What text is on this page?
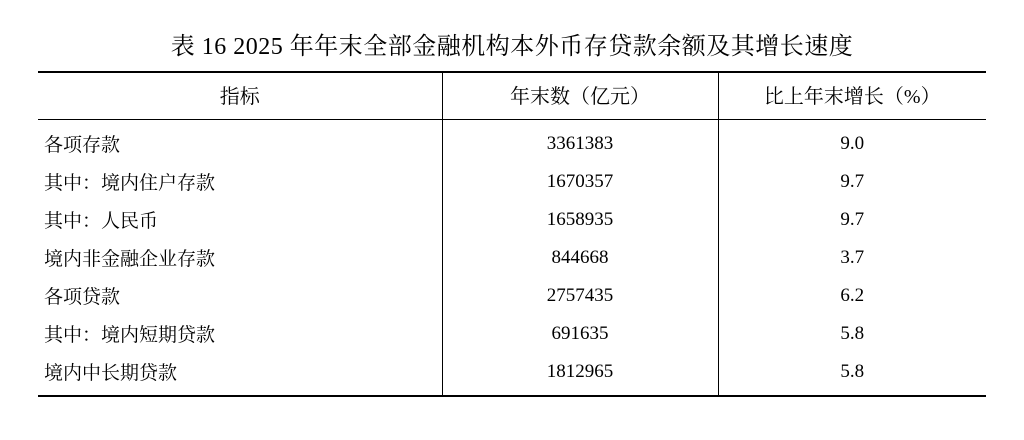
表 16 2025 年年末全部金融机构本外币存贷款余额及其增长速度
指标	年末数（亿元）	比上年末增长（%）
各项存款	3361383	9.0
其中：境内住户存款	1670357	9.7
其中：人民币	1658935	9.7
境内非金融企业存款	844668	3.7
各项贷款	2757435	6.2
其中：境内短期贷款	691635	5.8
境内中长期贷款	1812965	5.8
